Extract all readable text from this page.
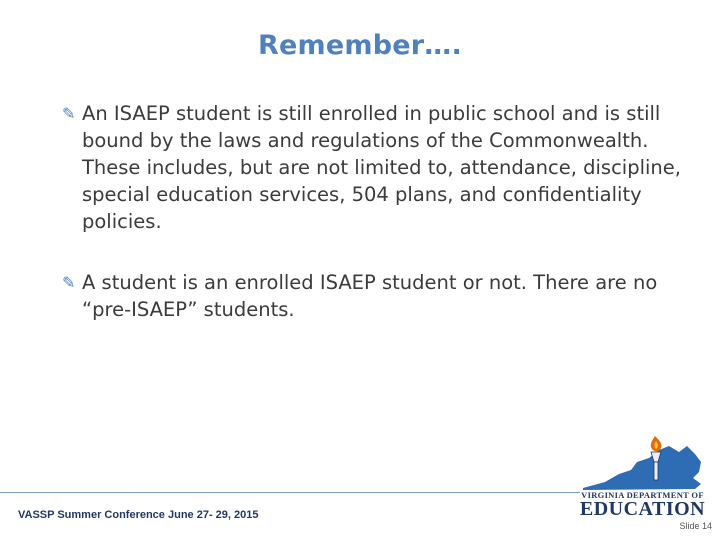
Remember….
✎ An ISAEP student is still enrolled in public school and is still bound by the laws and regulations of the Commonwealth. These includes, but are not limited to, attendance, discipline, special education services, 504 plans, and confidentiality policies.
✎ A student is an enrolled ISAEP student or not. There are no “pre-ISAEP” students.
VASSP Summer Conference June 27- 29, 2015
VIRGINIA DEPARTMENT OF
EDUCATION
Slide 14
